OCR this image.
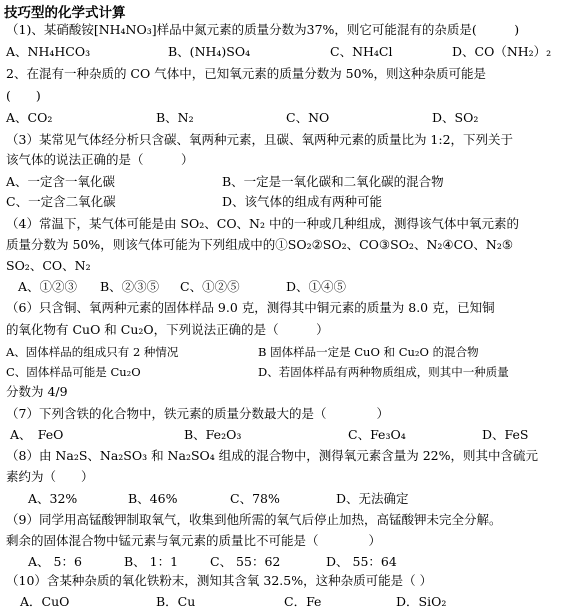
技巧型的化学式计算
（1)、某硝酸铵[NH₄NO₃]样品中氮元素的质量分数为37%，则它可能混有的杂质是(　　　)
A、NH₄HCO₃	B、(NH₄)SO₄	C、NH₄Cl	D、CO（NH₂）₂
2、在混有一种杂质的 CO 气体中，已知氧元素的质量分数为 50%，则这种杂质可能是
(　　)
A、CO₂	B、N₂	C、NO	D、SO₂
（3）某常见气体经分析只含碳、氧两种元素，且碳、氧两种元素的质量比为 1:2，下列关于
该气体的说法正确的是（　　　）
A、一定含一氧化碳	B、一定是一氧化碳和二氧化碳的混合物
C、一定含二氧化碳	D、该气体的组成有两种可能
（4）常温下，某气体可能是由 SO₂、CO、N₂ 中的一种或几种组成，测得该气体中氧元素的
质量分数为 50%，则该气体可能为下列组成中的①SO₂②SO₂、CO③SO₂、N₂④CO、N₂⑤
SO₂、CO、N₂
A、①②③ B、②③⑤ C、①②⑤	D、①④⑤
（6）只含铜、氧两种元素的固体样品 9.0 克，测得其中铜元素的质量为 8.0 克，已知铜
的氧化物有 CuO 和 Cu₂O，下列说法正确的是（　　　）
A、固体样品的组成只有 2 种情况	B 固体样品一定是 CuO 和 Cu₂O 的混合物
C、固体样品可能是 Cu₂O	D、若固体样品有两种物质组成，则其中一种质量
分数为 4/9
（7）下列含铁的化合物中，铁元素的质量分数最大的是（　　　　）
A、　FeO	B、Fe₂O₃	C、Fe₃O₄	D、FeS
（8）由 Na₂S、Na₂SO₃ 和 Na₂SO₄ 组成的混合物中，测得氧元素含量为 22%，则其中含硫元
素约为（　　）
A、32%	B、46%	C、78%	D、无法确定
（9）同学用高锰酸钾制取氧气，收集到他所需的氧气后停止加热，高锰酸钾未完全分解。
剩余的固体混合物中锰元素与氧元素的质量比不可能是（　　　　）
A、 5：6	B、 1：1	C、 55：62	D、 55：64
（10）含某种杂质的氧化铁粉末，测知其含氧 32.5%，这种杂质可能是（ ）
A．CuO	B．Cu	C．Fe	D．SiO₂
